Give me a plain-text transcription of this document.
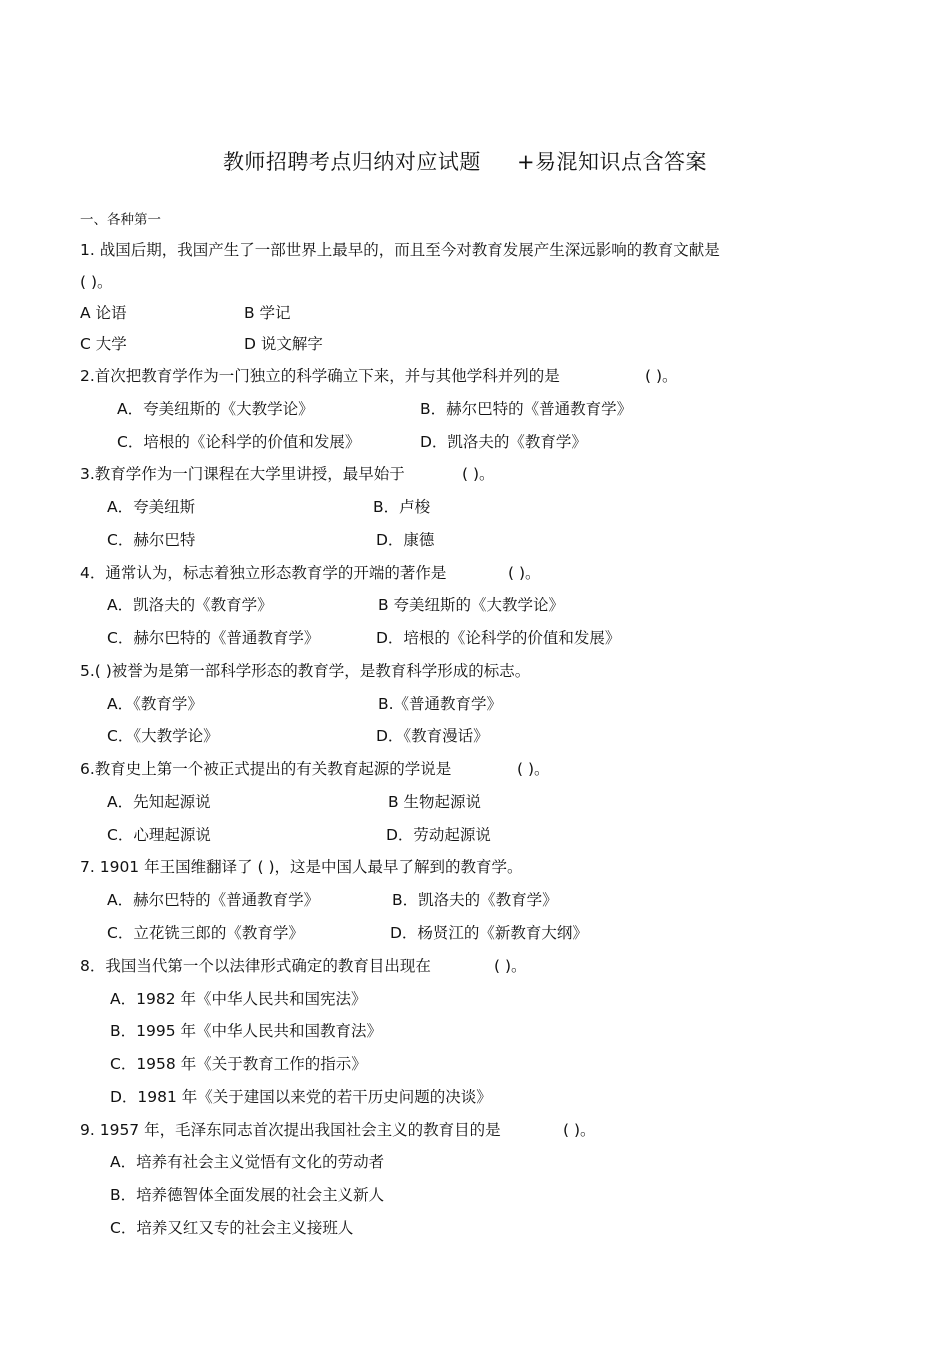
教师招聘考点归纳对应试题 +易混知识点含答案
一、各种第一
1. 战国后期，我国产生了一部世界上最早的，而且至今对教育发展产生深远影响的教育文献是
( )。
A 论语	B 学记
C 大学	D 说文解字
2.首次把教育学作为一门独立的科学确立下来，并与其他学科并列的是	( )。
A．夸美纽斯的《大教学论》	B．赫尔巴特的《普通教育学》
C．培根的《论科学的价值和发展》	D．凯洛夫的《教育学》
3.教育学作为一门课程在大学里讲授，最早始于	( )。
A．夸美纽斯	B．卢梭
C．赫尔巴特	D．康德
4．通常认为，标志着独立形态教育学的开端的著作是	( )。
A．凯洛夫的《教育学》	B 夸美纽斯的《大教学论》
C．赫尔巴特的《普通教育学》	D．培根的《论科学的价值和发展》
5.( )被誉为是第一部科学形态的教育学，是教育科学形成的标志。
A．《教育学》	B.《普通教育学》
C．《大教学论》	D．《教育漫话》
6.教育史上第一个被正式提出的有关教育起源的学说是	( )。
A．先知起源说	B 生物起源说
C．心理起源说	D．劳动起源说
7. 1901 年王国维翻译了 ( )，这是中国人最早了解到的教育学。
A．赫尔巴特的《普通教育学》	B．凯洛夫的《教育学》
C．立花铣三郎的《教育学》	D．杨贤江的《新教育大纲》
8．我国当代第一个以法律形式确定的教育目出现在	( )。
A．1982 年《中华人民共和国宪法》
B．1995 年《中华人民共和国教育法》
C．1958 年《关于教育工作的指示》
D．1981 年《关于建国以来党的若干历史问题的决谈》
9. 1957 年，毛泽东同志首次提出我国社会主义的教育目的是	( )。
A．培养有社会主义觉悟有文化的劳动者
B．培养德智体全面发展的社会主义新人
C．培养又红又专的社会主义接班人
